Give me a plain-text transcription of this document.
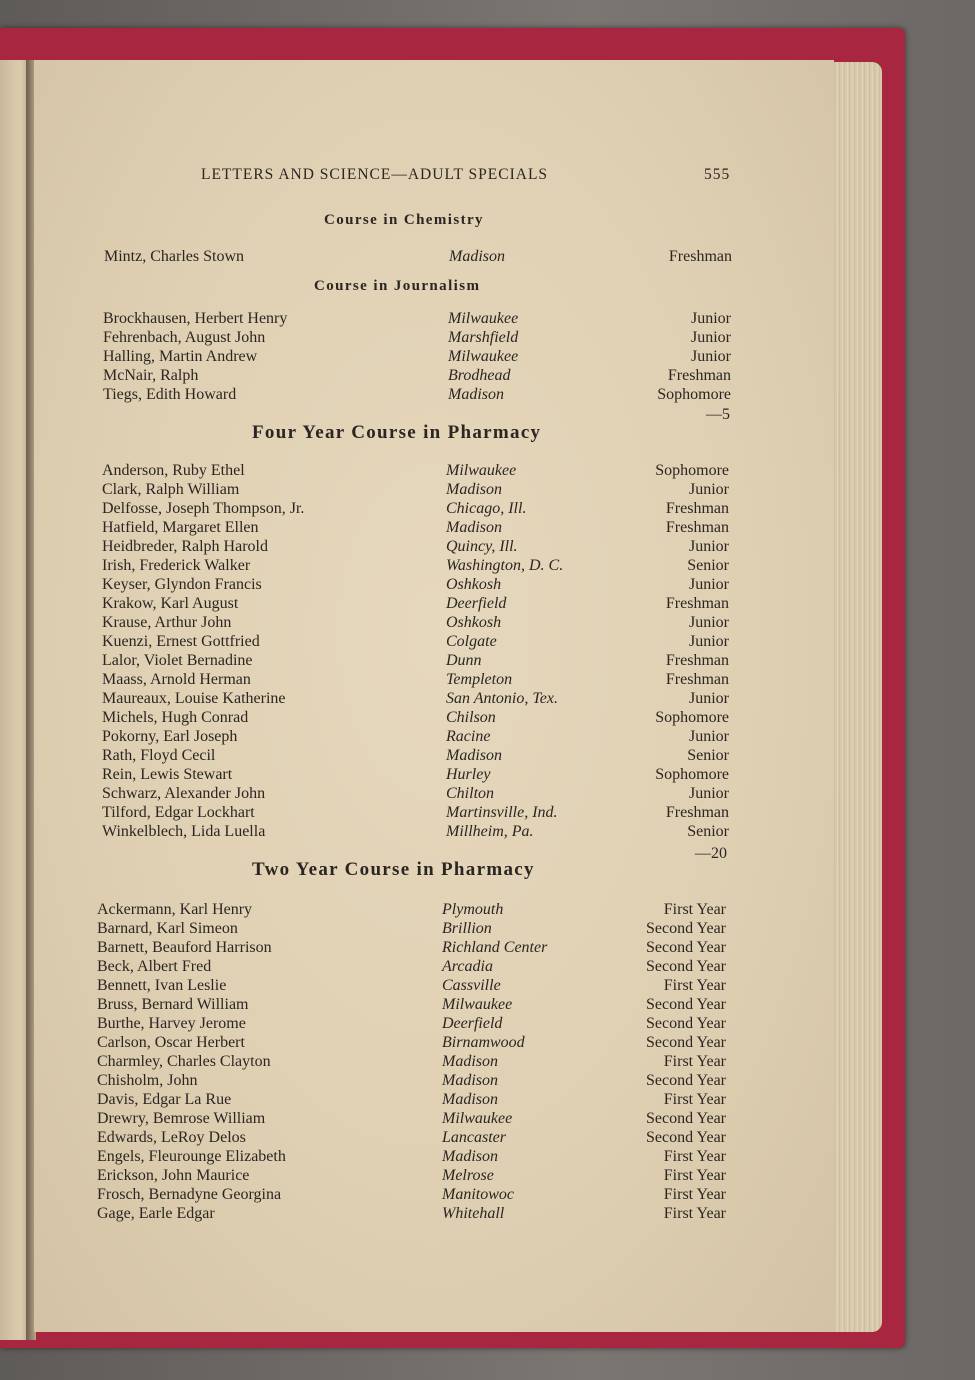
LETTERS AND SCIENCE—ADULT SPECIALS	555
Course in Chemistry
Mintz, Charles Stown	Madison	Freshman
Course in Journalism
Brockhausen, Herbert Henry	Milwaukee	Junior
Fehrenbach, August John	Marshfield	Junior
Halling, Martin Andrew	Milwaukee	Junior
McNair, Ralph	Brodhead	Freshman
Tiegs, Edith Howard	Madison	Sophomore
—5
Four Year Course in Pharmacy
Anderson, Ruby Ethel	Milwaukee	Sophomore
Clark, Ralph William	Madison	Junior
Delfosse, Joseph Thompson, Jr.	Chicago, Ill.	Freshman
Hatfield, Margaret Ellen	Madison	Freshman
Heidbreder, Ralph Harold	Quincy, Ill.	Junior
Irish, Frederick Walker	Washington, D. C.	Senior
Keyser, Glyndon Francis	Oshkosh	Junior
Krakow, Karl August	Deerfield	Freshman
Krause, Arthur John	Oshkosh	Junior
Kuenzi, Ernest Gottfried	Colgate	Junior
Lalor, Violet Bernadine	Dunn	Freshman
Maass, Arnold Herman	Templeton	Freshman
Maureaux, Louise Katherine	San Antonio, Tex.	Junior
Michels, Hugh Conrad	Chilson	Sophomore
Pokorny, Earl Joseph	Racine	Junior
Rath, Floyd Cecil	Madison	Senior
Rein, Lewis Stewart	Hurley	Sophomore
Schwarz, Alexander John	Chilton	Junior
Tilford, Edgar Lockhart	Martinsville, Ind.	Freshman
Winkelblech, Lida Luella	Millheim, Pa.	Senior
—20
Two Year Course in Pharmacy
Ackermann, Karl Henry	Plymouth	First Year
Barnard, Karl Simeon	Brillion	Second Year
Barnett, Beauford Harrison	Richland Center	Second Year
Beck, Albert Fred	Arcadia	Second Year
Bennett, Ivan Leslie	Cassville	First Year
Bruss, Bernard William	Milwaukee	Second Year
Burthe, Harvey Jerome	Deerfield	Second Year
Carlson, Oscar Herbert	Birnamwood	Second Year
Charmley, Charles Clayton	Madison	First Year
Chisholm, John	Madison	Second Year
Davis, Edgar La Rue	Madison	First Year
Drewry, Bemrose William	Milwaukee	Second Year
Edwards, LeRoy Delos	Lancaster	Second Year
Engels, Fleurounge Elizabeth	Madison	First Year
Erickson, John Maurice	Melrose	First Year
Frosch, Bernadyne Georgina	Manitowoc	First Year
Gage, Earle Edgar	Whitehall	First Year
